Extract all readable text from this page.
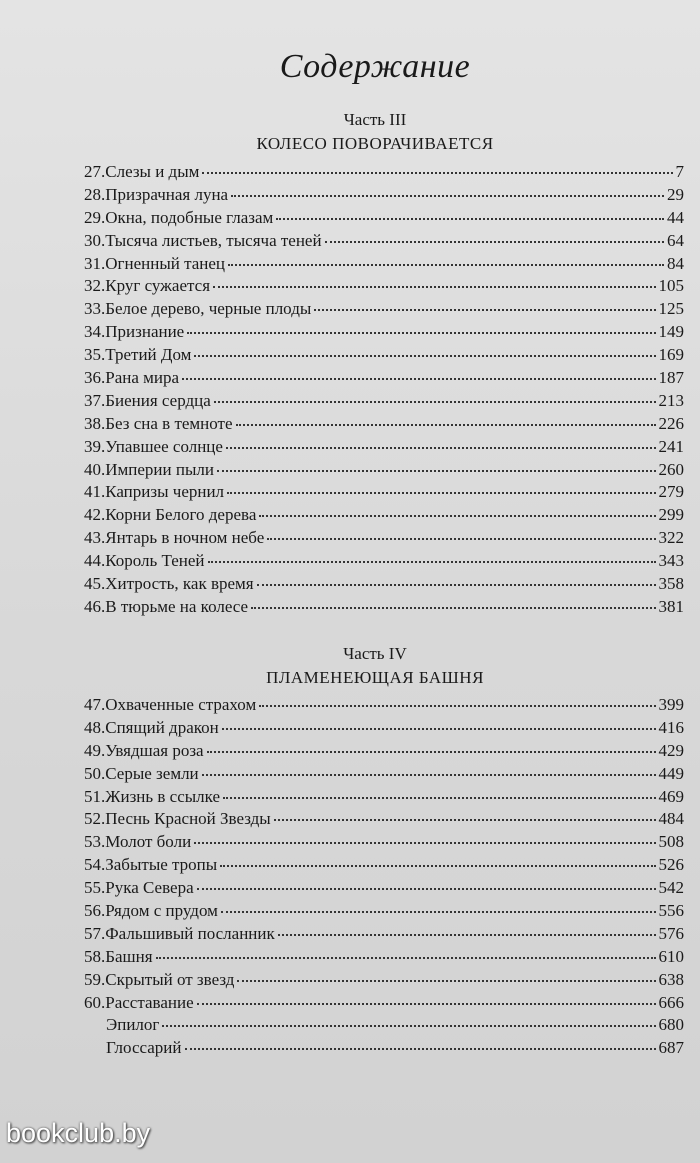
Содержание
Часть III
КОЛЕСО ПОВОРАЧИВАЕТСЯ
27. Слезы и дым	7
28. Призрачная луна	29
29. Окна, подобные глазам	44
30. Тысяча листьев, тысяча теней	64
31. Огненный танец	84
32. Круг сужается	105
33. Белое дерево, черные плоды	125
34. Признание	149
35. Третий Дом	169
36. Рана мира	187
37. Биения сердца	213
38. Без сна в темноте	226
39. Упавшее солнце	241
40. Империи пыли	260
41. Капризы чернил	279
42. Корни Белого дерева	299
43. Янтарь в ночном небе	322
44. Король Теней	343
45. Хитрость, как время	358
46. В тюрьме на колесе	381
Часть IV
ПЛАМЕНЕЮЩАЯ БАШНЯ
47. Охваченные страхом	399
48. Спящий дракон	416
49. Увядшая роза	429
50. Серые земли	449
51. Жизнь в ссылке	469
52. Песнь Красной Звезды	484
53. Молот боли	508
54. Забытые тропы	526
55. Рука Севера	542
56. Рядом с прудом	556
57. Фальшивый посланник	576
58. Башня	610
59. Скрытый от звезд	638
60. Расставание	666
Эпилог	680
Глоссарий	687
bookclub.by
